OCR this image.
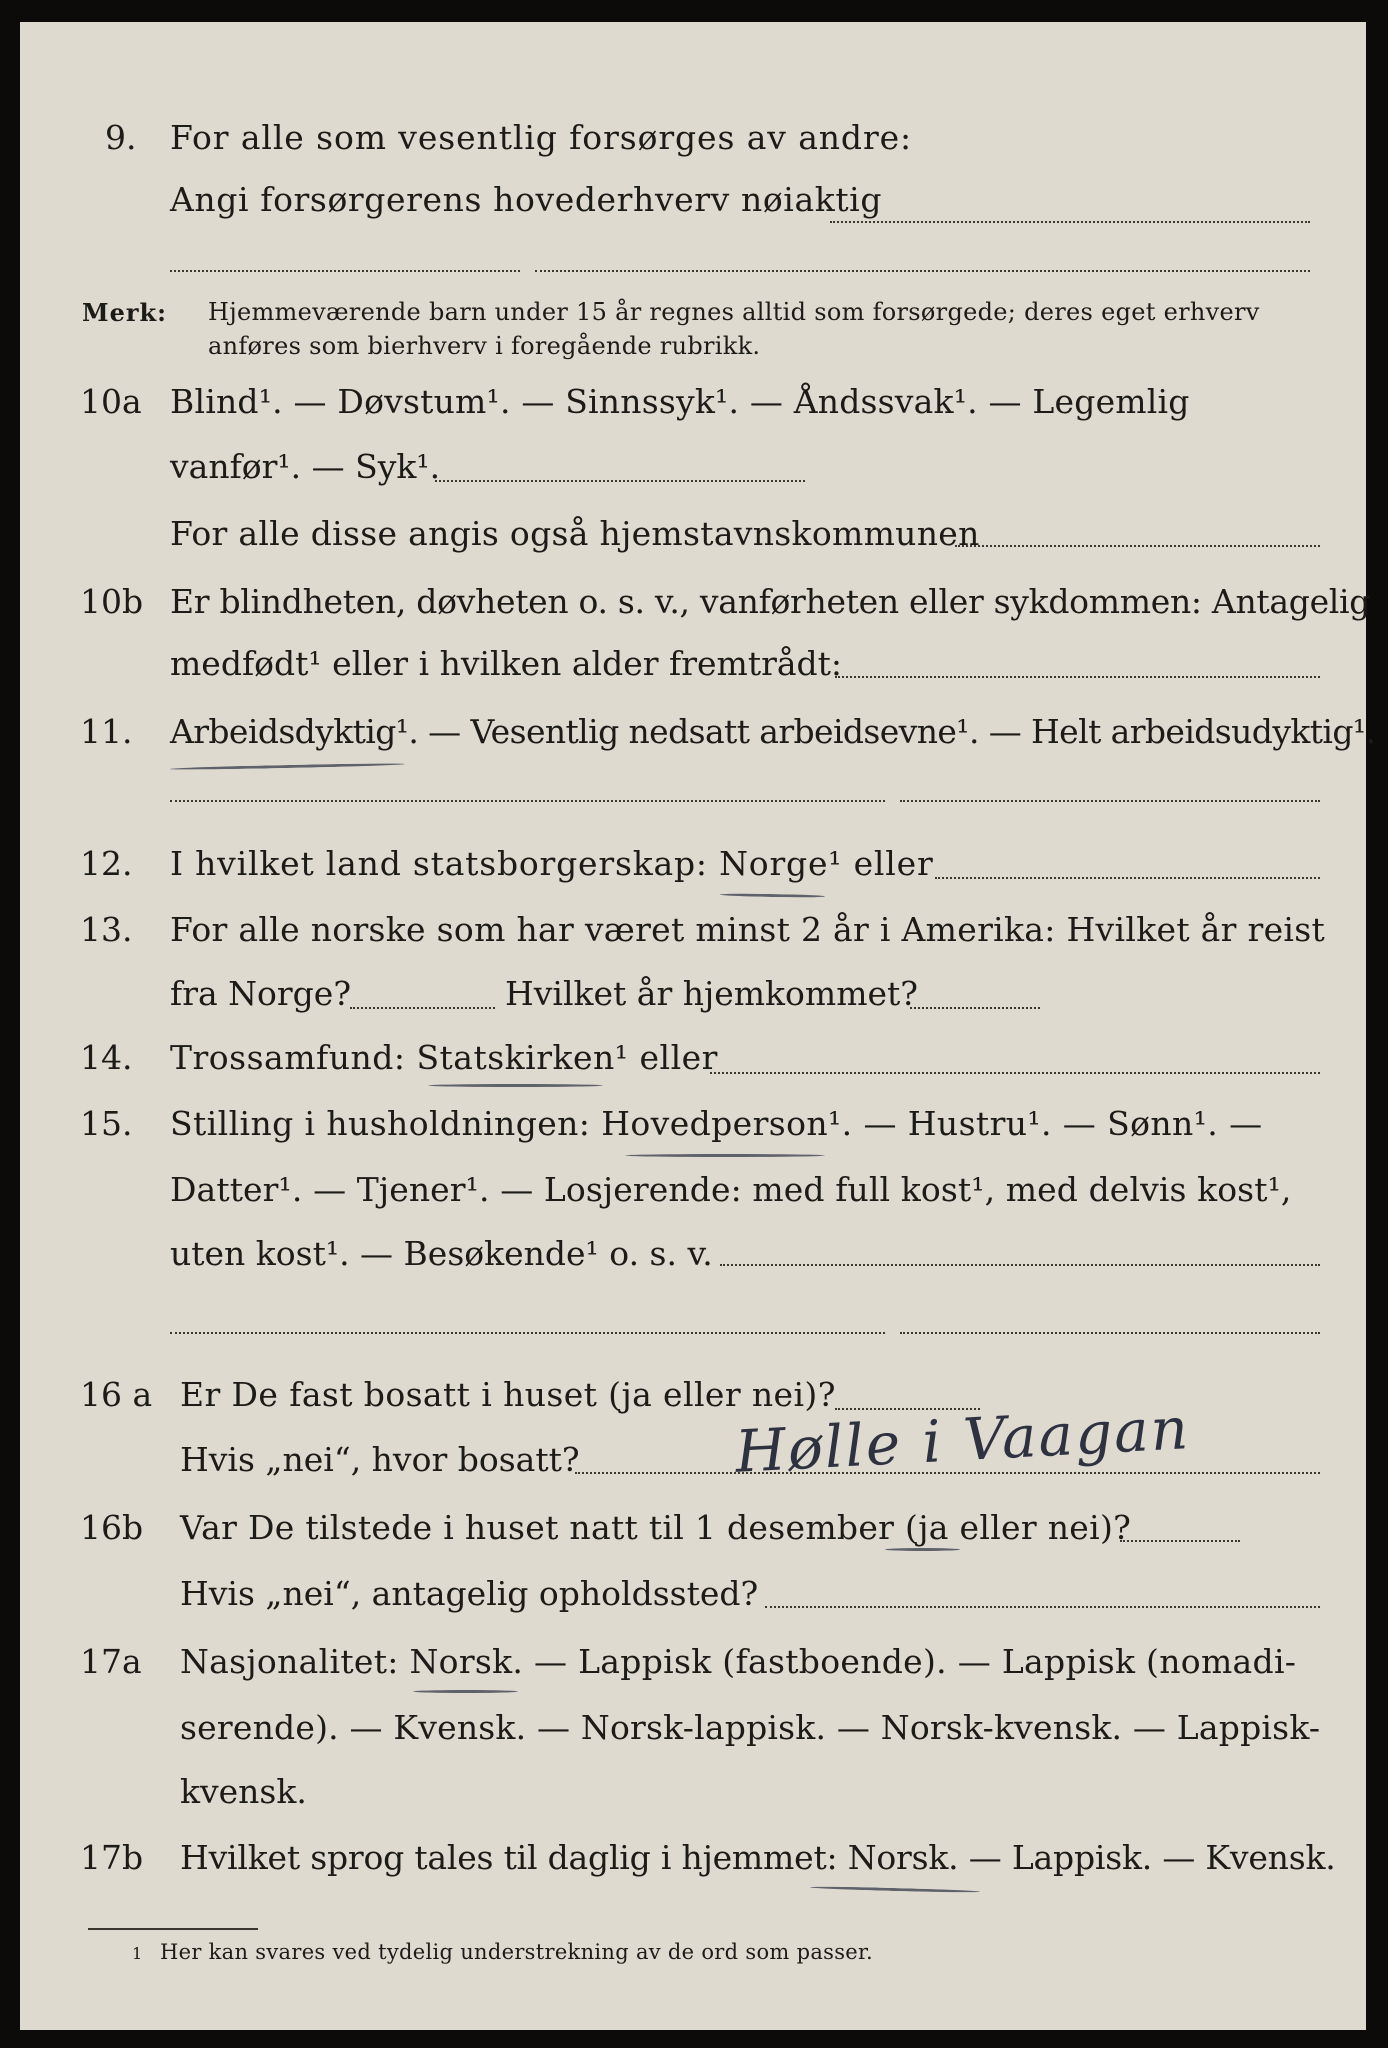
9. For alle som vesentlig forsørges av andre:
Angi forsørgerens hovederhverv nøiaktig
Merk: Hjemmeværende barn under 15 år regnes alltid som forsørgede; deres eget erhverv
anføres som bierhverv i foregående rubrikk.
10a Blind¹. — Døvstum¹. — Sinnssyk¹. — Åndssvak¹. — Legemlig
vanfør¹. — Syk¹.
For alle disse angis også hjemstavnskommunen
10b Er blindheten, døvheten o. s. v., vanførheten eller sykdommen: Antagelig
medfødt¹ eller i hvilken alder fremtrådt:
11. Arbeidsdyktig¹. — Vesentlig nedsatt arbeidsevne¹. — Helt arbeidsudyktig¹.
12. I hvilket land statsborgerskap: Norge¹ eller
13. For alle norske som har været minst 2 år i Amerika: Hvilket år reist
fra Norge?	Hvilket år hjemkommet?
14. Trossamfund: Statskirken¹ eller
15. Stilling i husholdningen: Hovedperson¹. — Hustru¹. — Sønn¹. —
Datter¹. — Tjener¹. — Losjerende: med full kost¹, med delvis kost¹,
uten kost¹. — Besøkende¹ o. s. v.
16 a Er De fast bosatt i huset (ja eller nei)?
Hvis „nei“, hvor bosatt?	Hølle i Vaagan
16b Var De tilstede i huset natt til 1 desember (ja eller nei)?
Hvis „nei“, antagelig opholdssted?
17a Nasjonalitet: Norsk. — Lappisk (fastboende). — Lappisk (nomadi-
serende). — Kvensk. — Norsk-lappisk. — Norsk-kvensk. — Lappisk-
kvensk.
17b Hvilket sprog tales til daglig i hjemmet: Norsk. — Lappisk. — Kvensk.
1 Her kan svares ved tydelig understrekning av de ord som passer.
